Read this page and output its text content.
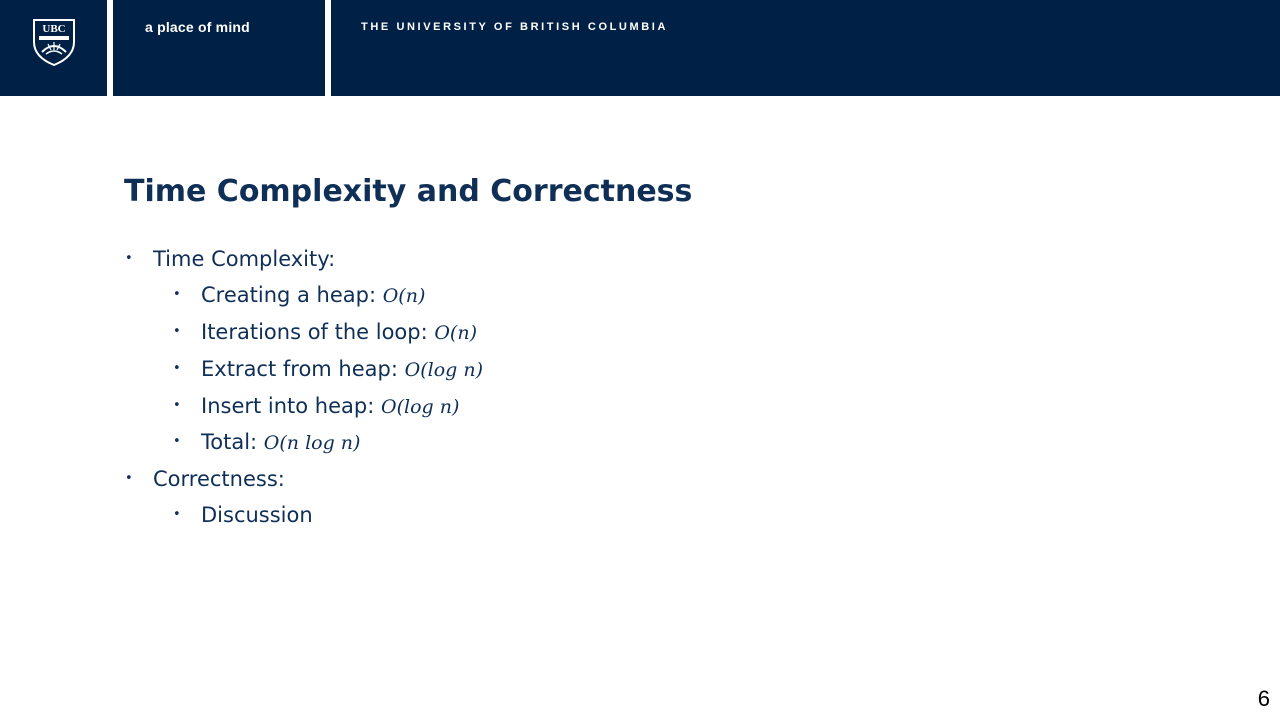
UBC	a place of mind	THE UNIVERSITY OF BRITISH COLUMBIA
Time Complexity and Correctness
• Time Complexity:
• Creating a heap: O(n)
• Iterations of the loop: O(n)
• Extract from heap: O(log n)
• Insert into heap: O(log n)
• Total: O(n log n)
• Correctness:
• Discussion
6
